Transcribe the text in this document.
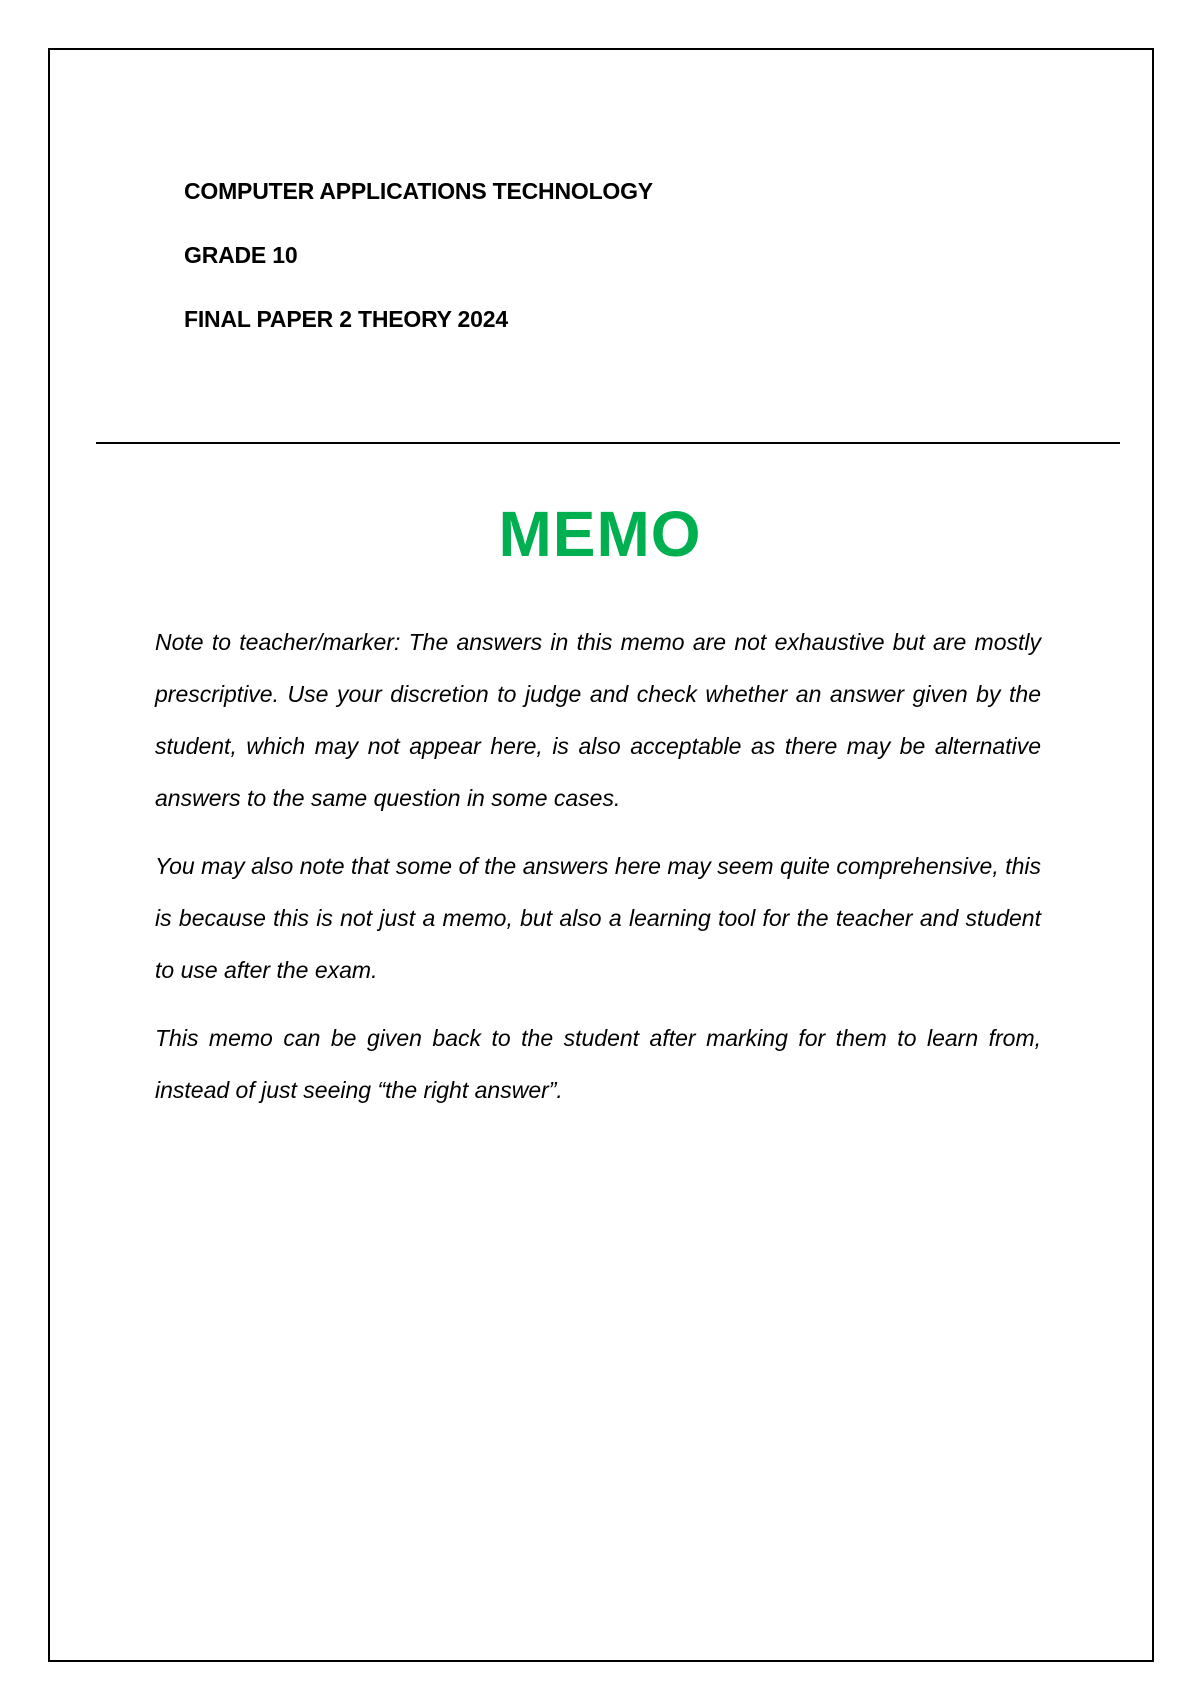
COMPUTER APPLICATIONS TECHNOLOGY
GRADE 10
FINAL PAPER 2 THEORY 2024
MEMO

Note to teacher/marker: The answers in this memo are not exhaustive but are mostly prescriptive. Use your discretion to judge and check whether an answer given by the student, which may not appear here, is also acceptable as there may be alternative answers to the same question in some cases.

You may also note that some of the answers here may seem quite comprehensive, this is because this is not just a memo, but also a learning tool for the teacher and student to use after the exam.

This memo can be given back to the student after marking for them to learn from, instead of just seeing “the right answer”.
